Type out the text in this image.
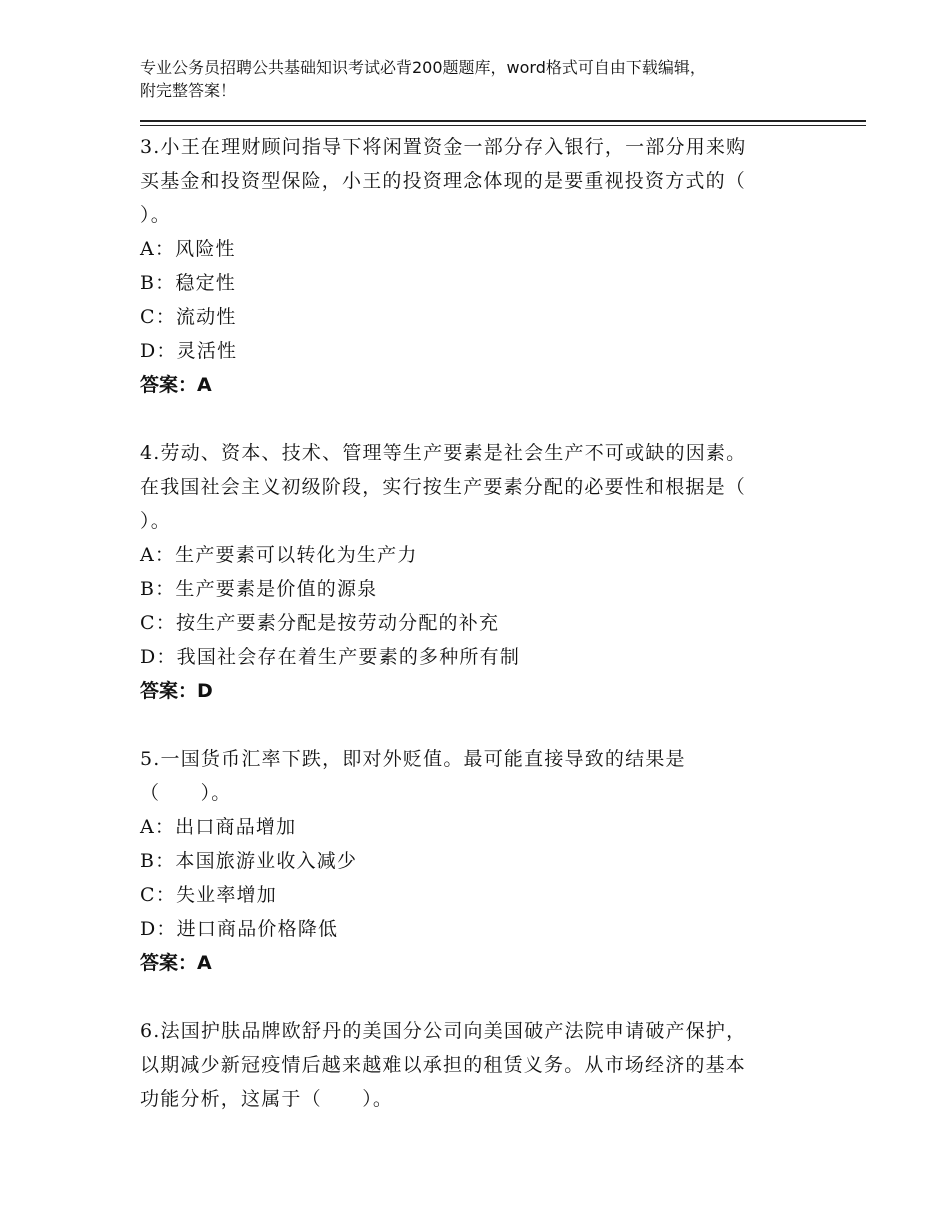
专业公务员招聘公共基础知识考试必背200题题库，word格式可自由下载编辑，
附完整答案！
3.小王在理财顾问指导下将闲置资金一部分存入银行，一部分用来购
买基金和投资型保险，小王的投资理念体现的是要重视投资方式的（
）。
A：风险性
B：稳定性
C：流动性
D：灵活性
答案：A
4.劳动、资本、技术、管理等生产要素是社会生产不可或缺的因素。
在我国社会主义初级阶段，实行按生产要素分配的必要性和根据是（
）。
A：生产要素可以转化为生产力
B：生产要素是价值的源泉
C：按生产要素分配是按劳动分配的补充
D：我国社会存在着生产要素的多种所有制
答案：D
5.一国货币汇率下跌，即对外贬值。最可能直接导致的结果是
（　　）。
A：出口商品增加
B：本国旅游业收入减少
C：失业率增加
D：进口商品价格降低
答案：A
6.法国护肤品牌欧舒丹的美国分公司向美国破产法院申请破产保护，
以期减少新冠疫情后越来越难以承担的租赁义务。从市场经济的基本
功能分析，这属于（　　）。
